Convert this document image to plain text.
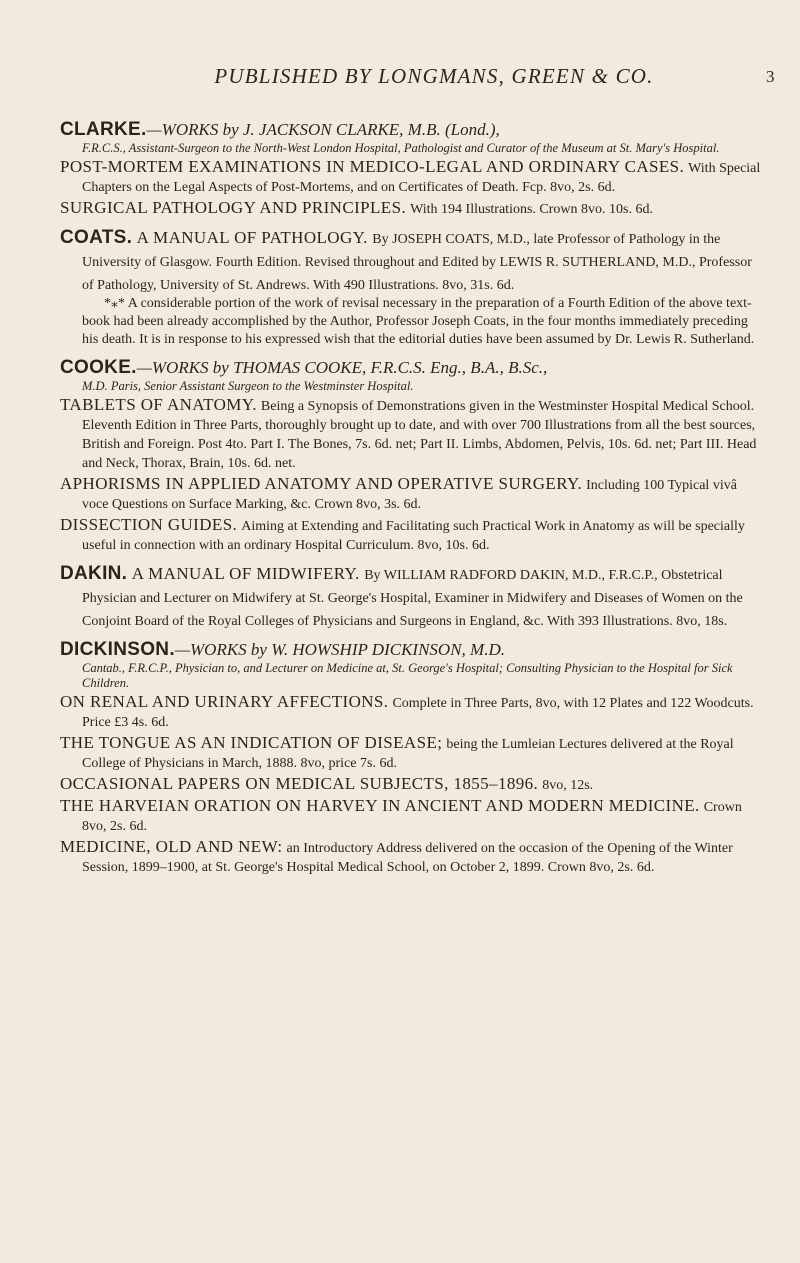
PUBLISHED BY LONGMANS, GREEN & CO.	3
CLARKE.—WORKS by J. JACKSON CLARKE, M.B. (Lond.),
F.R.C.S., Assistant-Surgeon to the North-West London Hospital, Pathologist and Curator of the Museum at St. Mary's Hospital.
POST-MORTEM EXAMINATIONS IN MEDICO-LEGAL AND ORDINARY CASES. With Special Chapters on the Legal Aspects of Post-Mortems, and on Certificates of Death. Fcp. 8vo, 2s. 6d.
SURGICAL PATHOLOGY AND PRINCIPLES. With 194 Illustrations. Crown 8vo. 10s. 6d.
COATS. A MANUAL OF PATHOLOGY. By JOSEPH COATS, M.D., late Professor of Pathology in the University of Glasgow. Fourth Edition. Revised throughout and Edited by LEWIS R. SUTHERLAND, M.D., Professor of Pathology, University of St. Andrews. With 490 Illustrations. 8vo, 31s. 6d.
*⁎* A considerable portion of the work of revisal necessary in the preparation of a Fourth Edition of the above text-book had been already accomplished by the Author, Professor Joseph Coats, in the four months immediately preceding his death. It is in response to his expressed wish that the editorial duties have been assumed by Dr. Lewis R. Sutherland.
COOKE.—WORKS by THOMAS COOKE, F.R.C.S. Eng., B.A., B.Sc.,
M.D. Paris, Senior Assistant Surgeon to the Westminster Hospital.
TABLETS OF ANATOMY. Being a Synopsis of Demonstrations given in the Westminster Hospital Medical School. Eleventh Edition in Three Parts, thoroughly brought up to date, and with over 700 Illustrations from all the best sources, British and Foreign. Post 4to. Part I. The Bones, 7s. 6d. net; Part II. Limbs, Abdomen, Pelvis, 10s. 6d. net; Part III. Head and Neck, Thorax, Brain, 10s. 6d. net.
APHORISMS IN APPLIED ANATOMY AND OPERATIVE SURGERY. Including 100 Typical vivâ voce Questions on Surface Marking, &c. Crown 8vo, 3s. 6d.
DISSECTION GUIDES. Aiming at Extending and Facilitating such Practical Work in Anatomy as will be specially useful in connection with an ordinary Hospital Curriculum. 8vo, 10s. 6d.
DAKIN. A MANUAL OF MIDWIFERY. By WILLIAM RADFORD DAKIN, M.D., F.R.C.P., Obstetrical Physician and Lecturer on Midwifery at St. George's Hospital, Examiner in Midwifery and Diseases of Women on the Conjoint Board of the Royal Colleges of Physicians and Surgeons in England, &c. With 393 Illustrations. 8vo, 18s.
DICKINSON.—WORKS by W. HOWSHIP DICKINSON, M.D.
Cantab., F.R.C.P., Physician to, and Lecturer on Medicine at, St. George's Hospital; Consulting Physician to the Hospital for Sick Children.
ON RENAL AND URINARY AFFECTIONS. Complete in Three Parts, 8vo, with 12 Plates and 122 Woodcuts. Price £3 4s. 6d.
THE TONGUE AS AN INDICATION OF DISEASE; being the Lumleian Lectures delivered at the Royal College of Physicians in March, 1888. 8vo, price 7s. 6d.
OCCASIONAL PAPERS ON MEDICAL SUBJECTS, 1855–1896. 8vo, 12s.
THE HARVEIAN ORATION ON HARVEY IN ANCIENT AND MODERN MEDICINE. Crown 8vo, 2s. 6d.
MEDICINE, OLD AND NEW: an Introductory Address delivered on the occasion of the Opening of the Winter Session, 1899–1900, at St. George's Hospital Medical School, on October 2, 1899. Crown 8vo, 2s. 6d.
